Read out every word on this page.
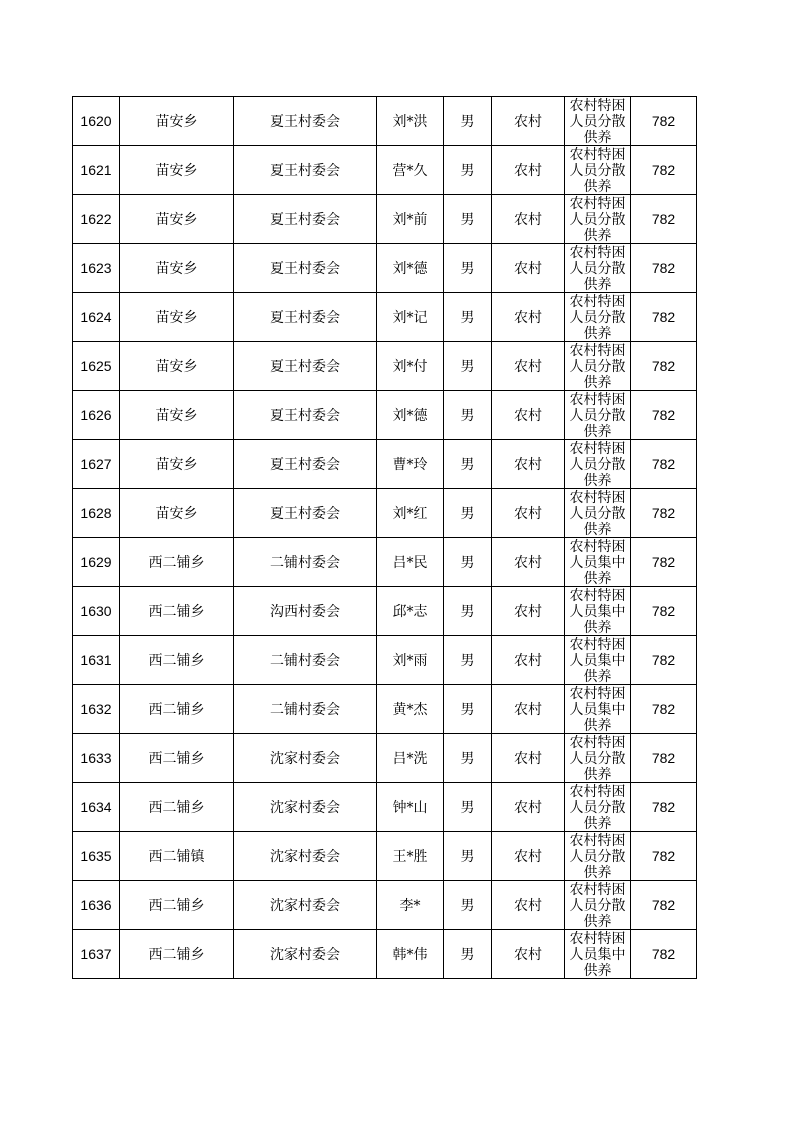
1620	苗安乡	夏王村委会	刘*洪	男	农村	农村特困人员分散供养	782
1621	苗安乡	夏王村委会	营*久	男	农村	农村特困人员分散供养	782
1622	苗安乡	夏王村委会	刘*前	男	农村	农村特困人员分散供养	782
1623	苗安乡	夏王村委会	刘*德	男	农村	农村特困人员分散供养	782
1624	苗安乡	夏王村委会	刘*记	男	农村	农村特困人员分散供养	782
1625	苗安乡	夏王村委会	刘*付	男	农村	农村特困人员分散供养	782
1626	苗安乡	夏王村委会	刘*德	男	农村	农村特困人员分散供养	782
1627	苗安乡	夏王村委会	曹*玲	男	农村	农村特困人员分散供养	782
1628	苗安乡	夏王村委会	刘*红	男	农村	农村特困人员分散供养	782
1629	西二铺乡	二铺村委会	吕*民	男	农村	农村特困人员集中供养	782
1630	西二铺乡	沟西村委会	邱*志	男	农村	农村特困人员集中供养	782
1631	西二铺乡	二铺村委会	刘*雨	男	农村	农村特困人员集中供养	782
1632	西二铺乡	二铺村委会	黄*杰	男	农村	农村特困人员集中供养	782
1633	西二铺乡	沈家村委会	吕*洗	男	农村	农村特困人员分散供养	782
1634	西二铺乡	沈家村委会	钟*山	男	农村	农村特困人员分散供养	782
1635	西二铺镇	沈家村委会	王*胜	男	农村	农村特困人员分散供养	782
1636	西二铺乡	沈家村委会	李*	男	农村	农村特困人员分散供养	782
1637	西二铺乡	沈家村委会	韩*伟	男	农村	农村特困人员集中供养	782
